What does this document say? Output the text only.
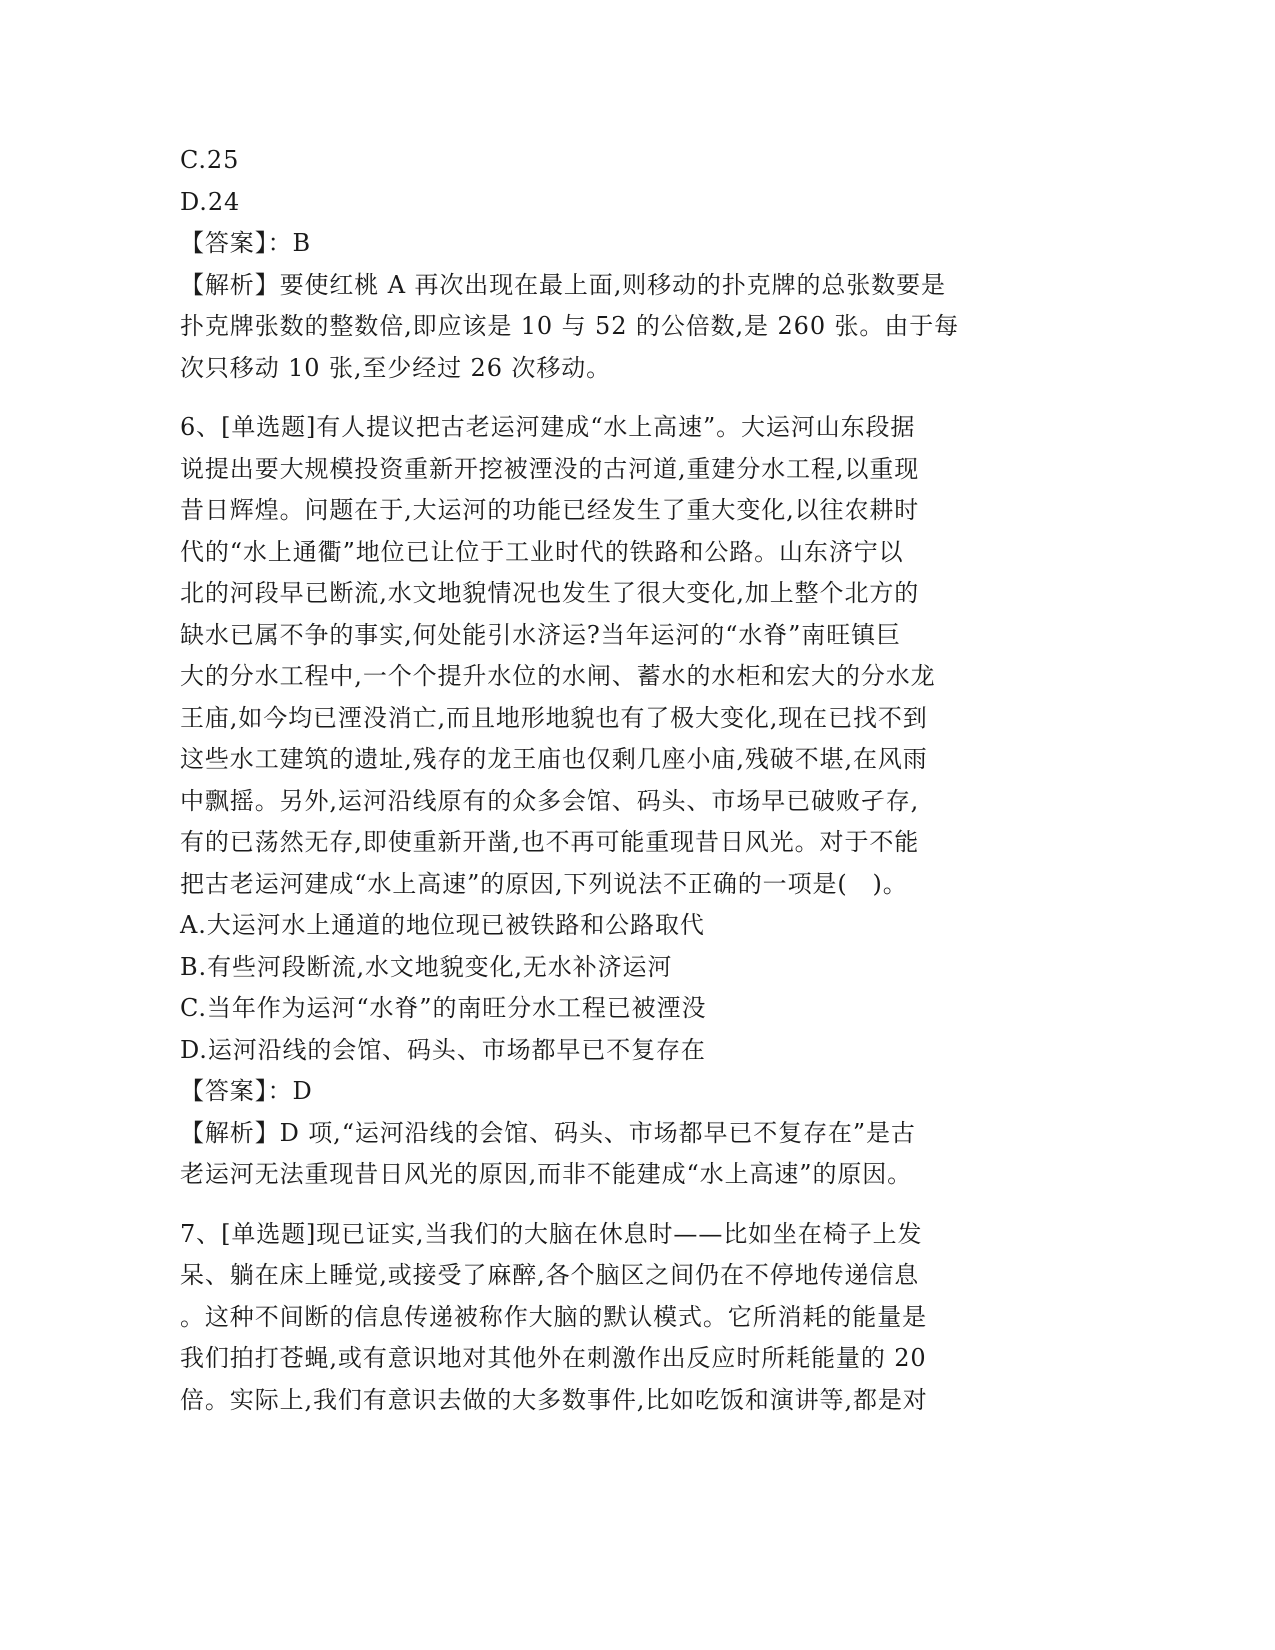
C.25
D.24
【答案】：B
【解析】要使红桃 A 再次出现在最上面,则移动的扑克牌的总张数要是
扑克牌张数的整数倍,即应该是 10 与 52 的公倍数,是 260 张。由于每
次只移动 10 张,至少经过 26 次移动。
6、[单选题]有人提议把古老运河建成“水上高速”。大运河山东段据
说提出要大规模投资重新开挖被湮没的古河道,重建分水工程,以重现
昔日辉煌。问题在于,大运河的功能已经发生了重大变化,以往农耕时
代的“水上通衢”地位已让位于工业时代的铁路和公路。山东济宁以
北的河段早已断流,水文地貌情况也发生了很大变化,加上整个北方的
缺水已属不争的事实,何处能引水济运?当年运河的“水脊”南旺镇巨
大的分水工程中,一个个提升水位的水闸、蓄水的水柜和宏大的分水龙
王庙,如今均已湮没消亡,而且地形地貌也有了极大变化,现在已找不到
这些水工建筑的遗址,残存的龙王庙也仅剩几座小庙,残破不堪,在风雨
中飘摇。另外,运河沿线原有的众多会馆、码头、市场早已破败孑存,
有的已荡然无存,即使重新开凿,也不再可能重现昔日风光。对于不能
把古老运河建成“水上高速”的原因,下列说法不正确的一项是(　)。
A.大运河水上通道的地位现已被铁路和公路取代
B.有些河段断流,水文地貌变化,无水补济运河
C.当年作为运河“水脊”的南旺分水工程已被湮没
D.运河沿线的会馆、码头、市场都早已不复存在
【答案】：D
【解析】D 项,“运河沿线的会馆、码头、市场都早已不复存在”是古
老运河无法重现昔日风光的原因,而非不能建成“水上高速”的原因。
7、[单选题]现已证实,当我们的大脑在休息时——比如坐在椅子上发
呆、躺在床上睡觉,或接受了麻醉,各个脑区之间仍在不停地传递信息
。这种不间断的信息传递被称作大脑的默认模式。它所消耗的能量是
我们拍打苍蝇,或有意识地对其他外在刺激作出反应时所耗能量的 20
倍。实际上,我们有意识去做的大多数事件,比如吃饭和演讲等,都是对
